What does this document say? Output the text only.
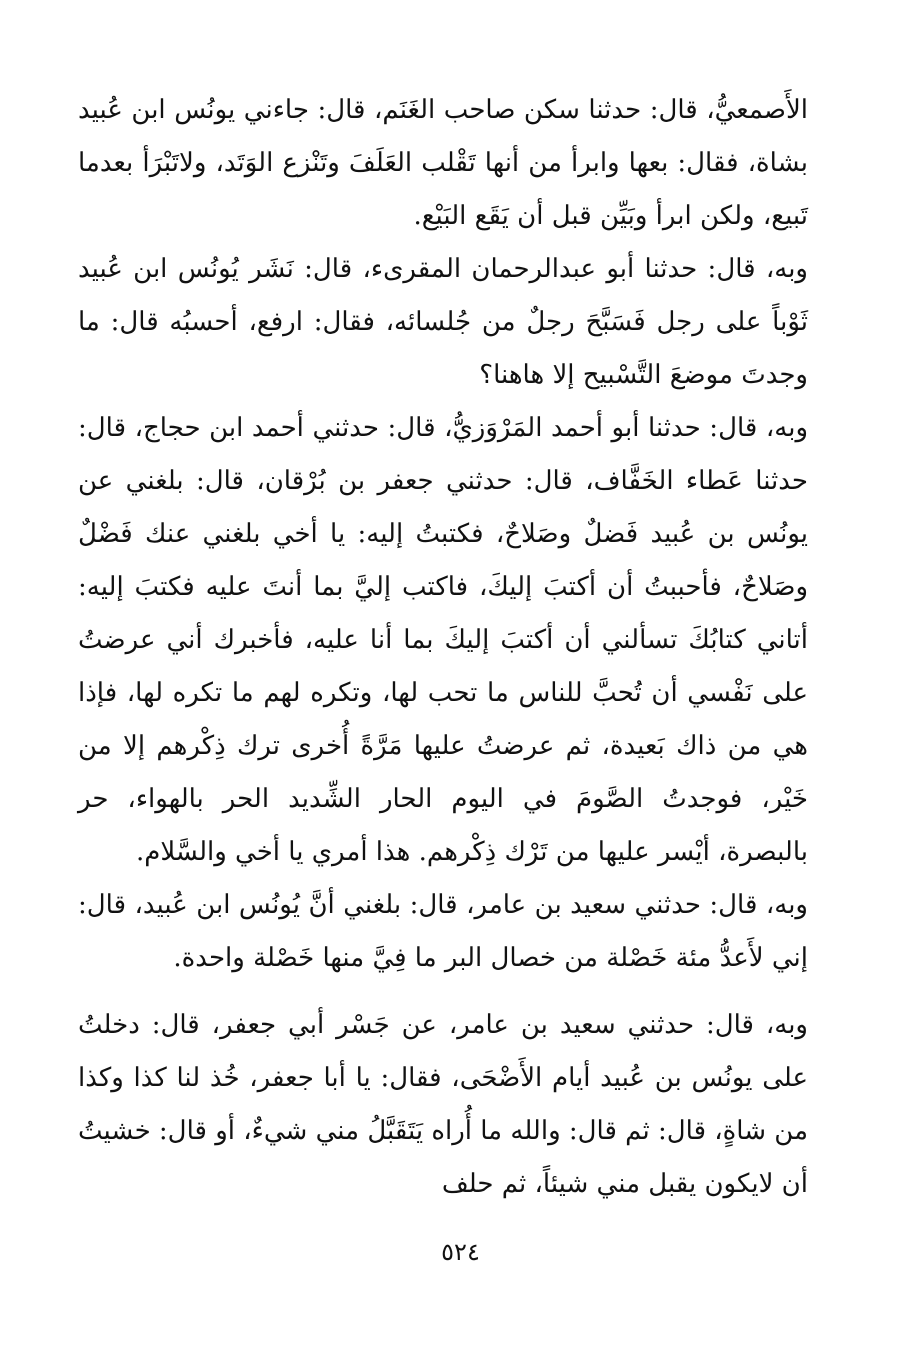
الأَصمعيُّ، قال: حدثنا سكن صاحب الغَنَم، قال: جاءني يونُس ابن عُبيد بشاة، فقال: بعها وابرأ من أنها تَقْلب العَلَفَ وتَنْزع الوَتَد، ولاتَبْرَأ بعدما تَبيع، ولكن ابرأ وبَيِّن قبل أن يَقَع البَيْع.

وبه، قال: حدثنا أبو عبدالرحمان المقرىء، قال: نَشَر يُونُس ابن عُبيد ثَوْباً على رجل فَسَبَّحَ رجلٌ من جُلسائه، فقال: ارفع، أحسبُه قال: ما وجدتَ موضعَ التَّسْبيح إلا هاهنا؟

وبه، قال: حدثنا أبو أحمد المَرْوَزيُّ، قال: حدثني أحمد ابن حجاج، قال: حدثنا عَطاء الخَفَّاف، قال: حدثني جعفر بن بُرْقان، قال: بلغني عن يونُس بن عُبيد فَضلٌ وصَلاحٌ، فكتبتُ إليه: يا أخي بلغني عنك فَضْلٌ وصَلاحٌ، فأحببتُ أن أكتبَ إليكَ، فاكتب إليَّ بما أنتَ عليه فكتبَ إليه: أتاني كتابُكَ تسألني أن أكتبَ إليكَ بما أنا عليه، فأخبرك أني عرضتُ على نَفْسي أن تُحبَّ للناس ما تحب لها، وتكره لهم ما تكره لها، فإذا هي من ذاك بَعيدة، ثم عرضتُ عليها مَرَّةً أُخرى ترك ذِكْرهم إلا من خَيْر، فوجدتُ الصَّومَ في اليوم الحار الشِّديد الحر بالهواء، حر بالبصرة، أيْسر عليها من تَرْك ذِكْرهم. هذا أمري يا أخي والسَّلام.

وبه، قال: حدثني سعيد بن عامر، قال: بلغني أنَّ يُونُس ابن عُبيد، قال: إني لأَعدُّ مئة خَصْلة من خصال البر ما فِيَّ منها خَصْلة واحدة.

وبه، قال: حدثني سعيد بن عامر، عن جَسْر أبي جعفر، قال: دخلتُ على يونُس بن عُبيد أيام الأَضْحَى، فقال: يا أبا جعفر، خُذ لنا كذا وكذا من شاةٍ، قال: ثم قال: والله ما أُراه يَتَقَبَّلُ مني شيءٌ، أو قال: خشيتُ أن لايكون يقبل مني شيئاً، ثم حلف

٥٢٤
